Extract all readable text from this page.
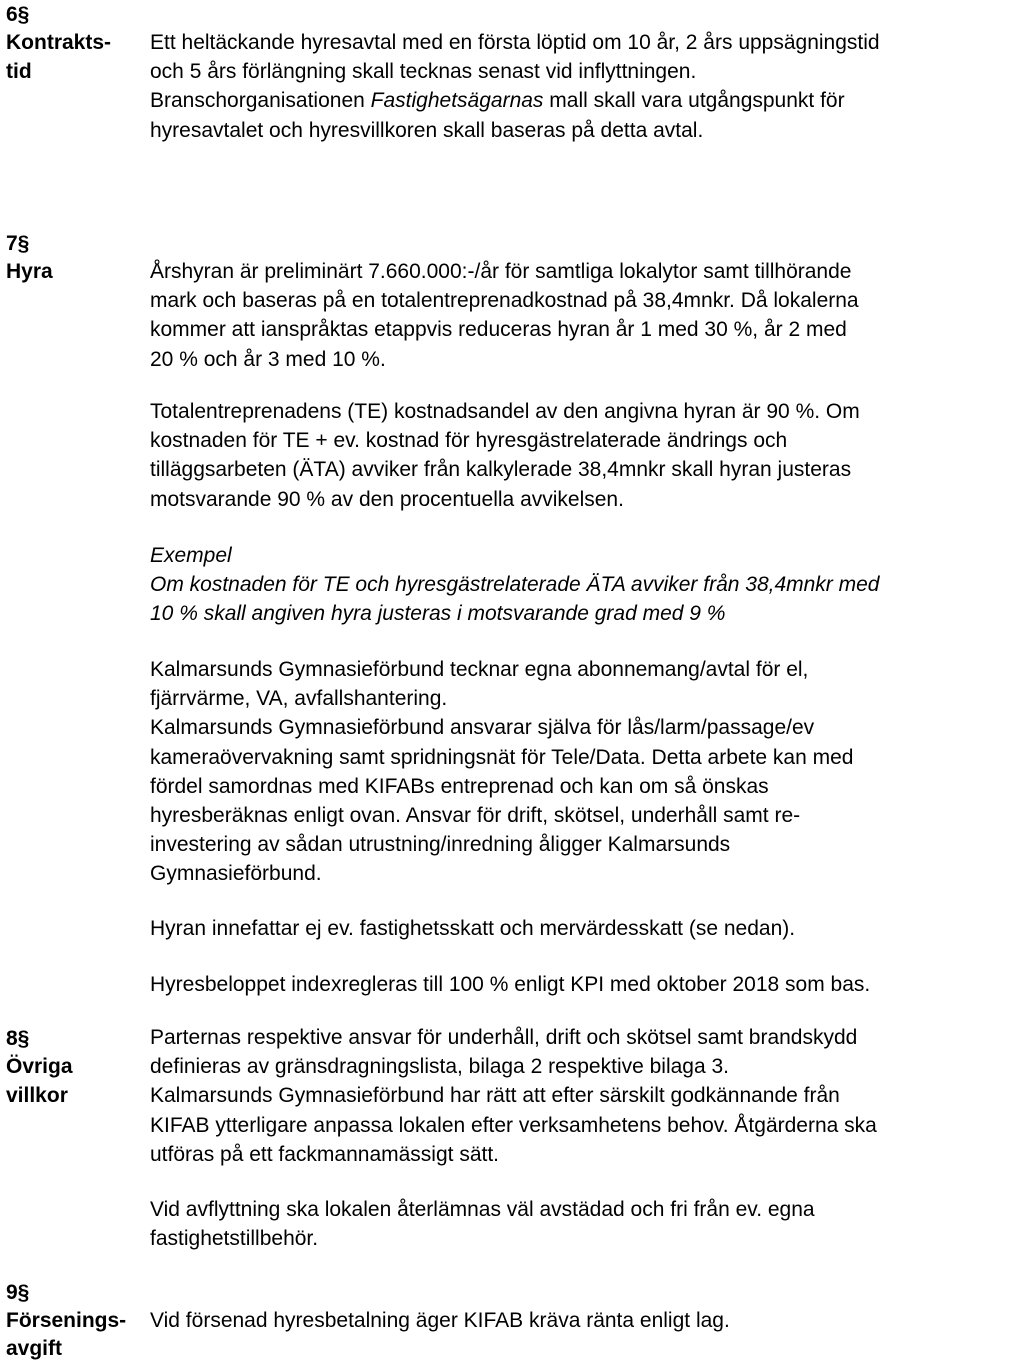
6§
Kontrakts-
tid
Ett heltäckande hyresavtal med en första löptid om 10 år, 2 års uppsägningstid
och 5 års förlängning skall tecknas senast vid inflyttningen.
Branschorganisationen Fastighetsägarnas mall skall vara utgångspunkt för
hyresavtalet och hyresvillkoren skall baseras på detta avtal.
7§
Hyra	Årshyran är preliminärt 7.660.000:-/år för samtliga lokalytor samt tillhörande
mark och baseras på en totalentreprenadkostnad på 38,4mnkr. Då lokalerna
kommer att ianspråktas etappvis reduceras hyran år 1 med 30 %, år 2 med
20 % och år 3 med 10 %.
Totalentreprenadens (TE) kostnadsandel av den angivna hyran är 90 %. Om
kostnaden för TE + ev. kostnad för hyresgästrelaterade ändrings och
tilläggsarbeten (ÄTA) avviker från kalkylerade 38,4mnkr skall hyran justeras
motsvarande 90 % av den procentuella avvikelsen.
Exempel
Om kostnaden för TE och hyresgästrelaterade ÄTA avviker från 38,4mnkr med
10 % skall angiven hyra justeras i motsvarande grad med 9 %
Kalmarsunds Gymnasieförbund tecknar egna abonnemang/avtal för el,
fjärrvärme, VA, avfallshantering.
Kalmarsunds Gymnasieförbund ansvarar själva för lås/larm/passage/ev
kameraövervakning samt spridningsnät för Tele/Data. Detta arbete kan med
fördel samordnas med KIFABs entreprenad och kan om så önskas
hyresberäknas enligt ovan. Ansvar för drift, skötsel, underhåll samt re-
investering av sådan utrustning/inredning åligger Kalmarsunds
Gymnasieförbund.
Hyran innefattar ej ev. fastighetsskatt och mervärdesskatt (se nedan).
Hyresbeloppet indexregleras till 100 % enligt KPI med oktober 2018 som bas.
8§
Övriga
villkor
Parternas respektive ansvar för underhåll, drift och skötsel samt brandskydd
definieras av gränsdragningslista, bilaga 2 respektive bilaga 3.
Kalmarsunds Gymnasieförbund har rätt att efter särskilt godkännande från
KIFAB ytterligare anpassa lokalen efter verksamhetens behov. Åtgärderna ska
utföras på ett fackmannamässigt sätt.
Vid avflyttning ska lokalen återlämnas väl avstädad och fri från ev. egna
fastighetstillbehör.
9§
Försenings-
avgift
Vid försenad hyresbetalning äger KIFAB kräva ränta enligt lag.
